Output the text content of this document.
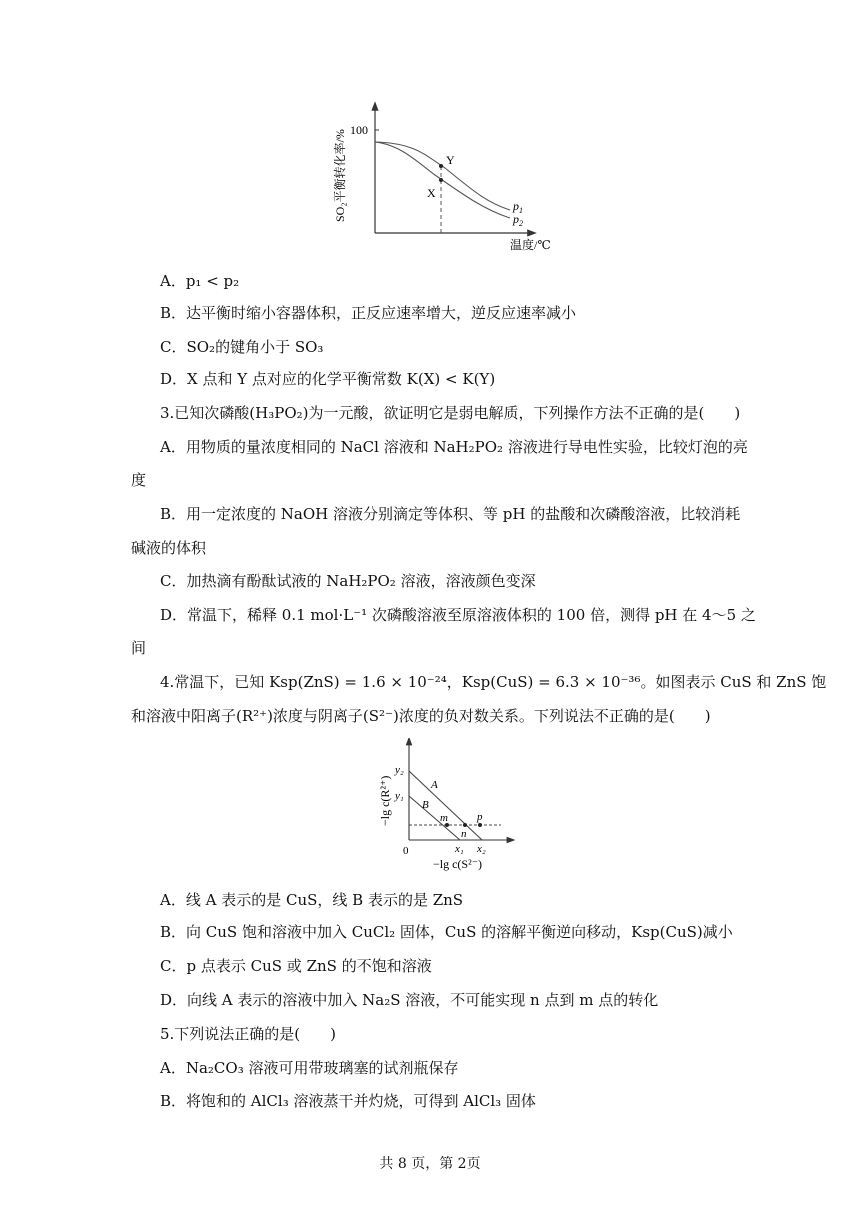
100
SO₂平衡转化率/%
温度/℃
Y
X
$p_1$
$p_2$
A．p₁ < p₂
B．达平衡时缩小容器体积，正反应速率增大，逆反应速率减小
C．SO₂的键角小于 SO₃
D．X 点和 Y 点对应的化学平衡常数 K(X) < K(Y)
3.已知次磷酸(H₃PO₂)为一元酸，欲证明它是弱电解质，下列操作方法不正确的是(　　)
A．用物质的量浓度相同的 NaCl 溶液和 NaH₂PO₂ 溶液进行导电性实验，比较灯泡的亮
度
B．用一定浓度的 NaOH 溶液分别滴定等体积、等 pH 的盐酸和次磷酸溶液，比较消耗
碱液的体积
C．加热滴有酚酞试液的 NaH₂PO₂ 溶液，溶液颜色变深
D．常温下，稀释 0.1 mol·L⁻¹ 次磷酸溶液至原溶液体积的 100 倍，测得 pH 在 4～5 之
间
4.常温下，已知 Ksp(ZnS) = 1.6 × 10⁻²⁴，Ksp(CuS) = 6.3 × 10⁻³⁶。如图表示 CuS 和 ZnS 饱
和溶液中阳离子(R²⁺)浓度与阴离子(S²⁻)浓度的负对数关系。下列说法不正确的是(　　)
−lg c(R²⁺)
−lg c(S²⁻)
0
y₂
y₁
x₁ x₂
A
B
m
n
p
A．线 A 表示的是 CuS，线 B 表示的是 ZnS
B．向 CuS 饱和溶液中加入 CuCl₂ 固体，CuS 的溶解平衡逆向移动，Ksp(CuS)减小
C．p 点表示 CuS 或 ZnS 的不饱和溶液
D．向线 A 表示的溶液中加入 Na₂S 溶液，不可能实现 n 点到 m 点的转化
5.下列说法正确的是(　　)
A．Na₂CO₃ 溶液可用带玻璃塞的试剂瓶保存
B．将饱和的 AlCl₃ 溶液蒸干并灼烧，可得到 AlCl₃ 固体
共 8 页，第 2页
